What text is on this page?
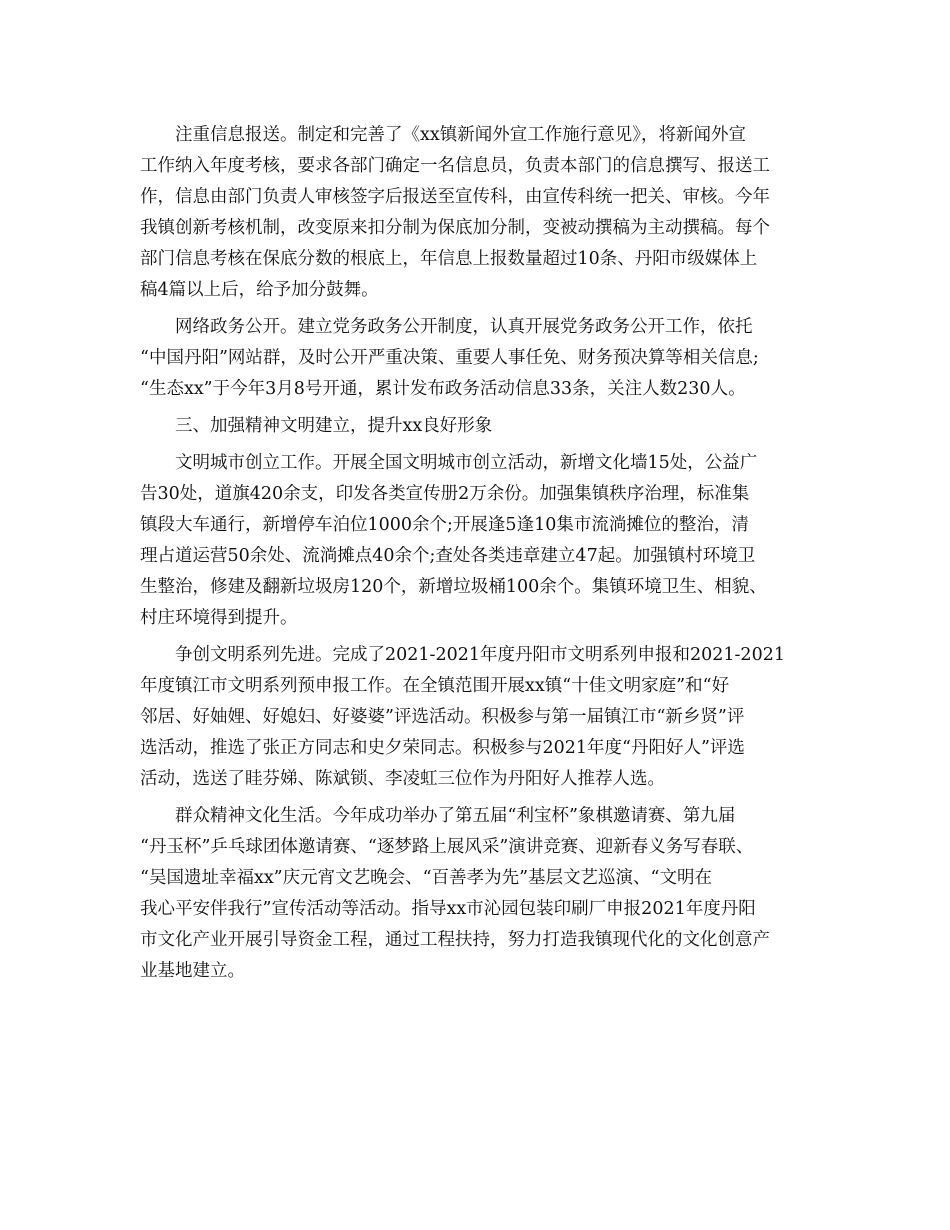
注重信息报送。制定和完善了《xx镇新闻外宣工作施行意见》，将新闻外宣
工作纳入年度考核，要求各部门确定一名信息员，负责本部门的信息撰写、报送工
作，信息由部门负责人审核签字后报送至宣传科，由宣传科统一把关、审核。今年
我镇创新考核机制，改变原来扣分制为保底加分制，变被动撰稿为主动撰稿。每个
部门信息考核在保底分数的根底上，年信息上报数量超过10条、丹阳市级媒体上
稿4篇以上后，给予加分鼓舞。
网络政务公开。建立党务政务公开制度，认真开展党务政务公开工作，依托
“中国丹阳”网站群，及时公开严重决策、重要人事任免、财务预决算等相关信息;
“生态xx”于今年3月8号开通，累计发布政务活动信息33条，关注人数230人。
三、加强精神文明建立，提升xx良好形象
文明城市创立工作。开展全国文明城市创立活动，新增文化墙15处，公益广
告30处，道旗420余支，印发各类宣传册2万余份。加强集镇秩序治理，标准集
镇段大车通行，新增停车泊位1000余个;开展逢5逢10集市流淌摊位的整治，清
理占道运营50余处、流淌摊点40余个;查处各类违章建立47起。加强镇村环境卫
生整治，修建及翻新垃圾房120个，新增垃圾桶100余个。集镇环境卫生、相貌、
村庄环境得到提升。
争创文明系列先进。完成了2021-2021年度丹阳市文明系列申报和2021-2021
年度镇江市文明系列预申报工作。在全镇范围开展xx镇“十佳文明家庭”和“好
邻居、好妯娌、好媳妇、好婆婆”评选活动。积极参与第一届镇江市“新乡贤”评
选活动，推选了张正方同志和史夕荣同志。积极参与2021年度“丹阳好人”评选
活动，选送了眭芬娣、陈斌锁、李凌虹三位作为丹阳好人推荐人选。
群众精神文化生活。今年成功举办了第五届“利宝杯”象棋邀请赛、第九届
“丹玉杯”乒乓球团体邀请赛、“逐梦路上展风采”演讲竞赛、迎新春义务写春联、
“吴国遗址幸福xx”庆元宵文艺晚会、“百善孝为先”基层文艺巡演、“文明在
我心平安伴我行”宣传活动等活动。指导xx市沁园包装印刷厂申报2021年度丹阳
市文化产业开展引导资金工程，通过工程扶持，努力打造我镇现代化的文化创意产
业基地建立。
